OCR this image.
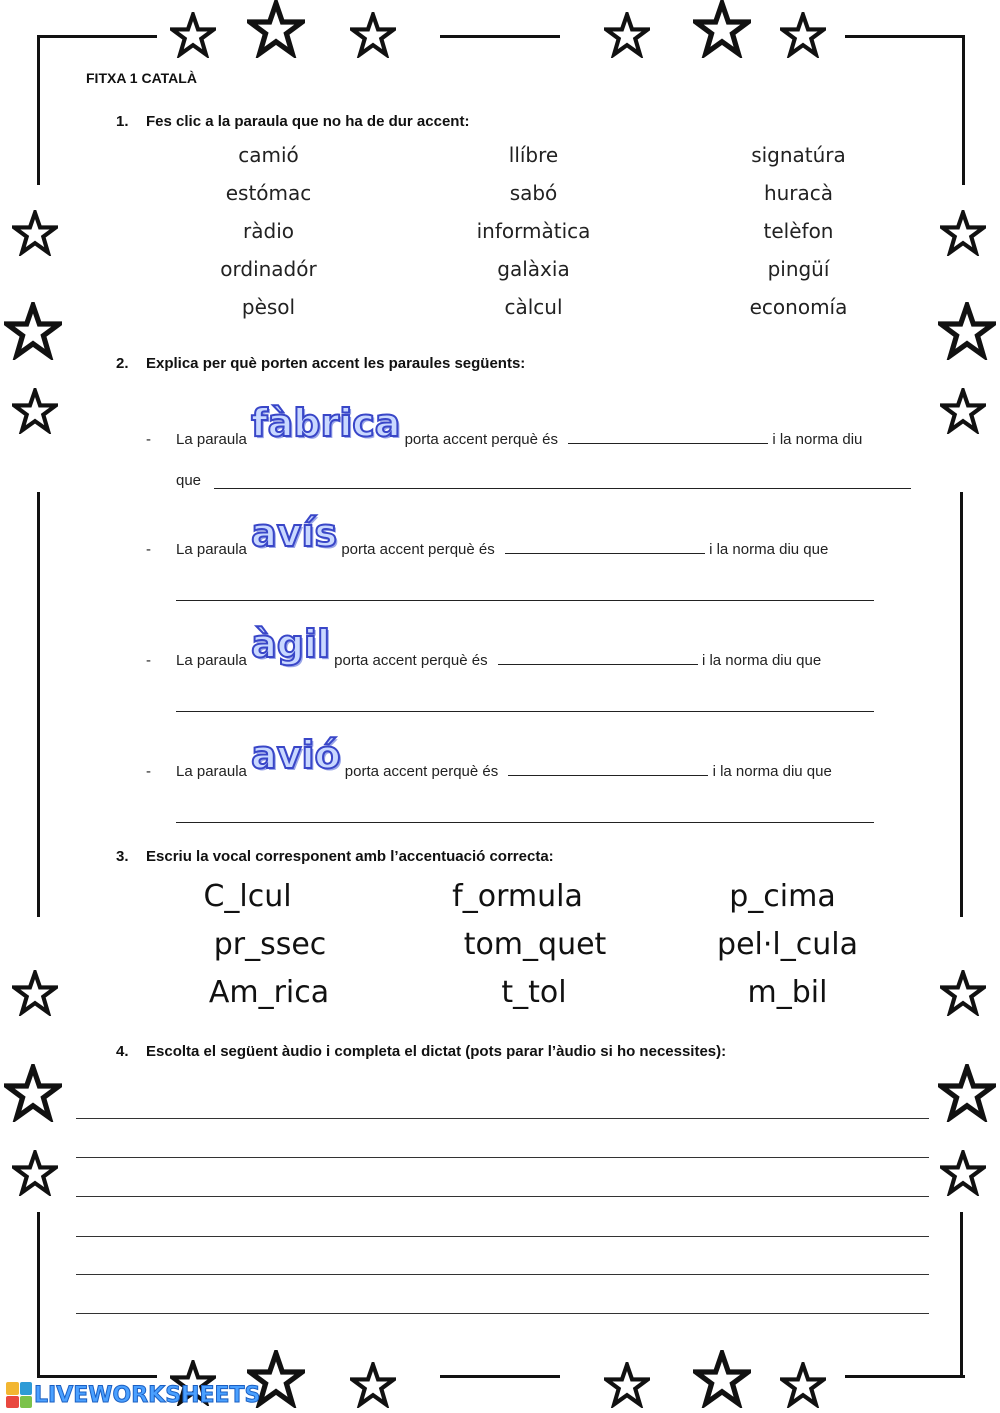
FITXA 1 CATALÀ
1. Fes clic a la paraula que no ha de dur accent:
camió	llíbre	signatúra
estómac	sabó	huracà
ràdio	informàtica	telèfon
ordinadór	galàxia	pingüí
pèsol	càlcul	economía
2. Explica per què porten accent les paraules següents:
- La paraula fàbrica porta accent perquè és	i la norma diu
que
- La paraula avís porta accent perquè és	i la norma diu que
- La paraula àgil porta accent perquè és	i la norma diu que
- La paraula avió porta accent perquè és	i la norma diu que
3. Escriu la vocal corresponent amb l’accentuació correcta:
C_lcul	f_ormula	p_cima
pr_ssec	tom_quet	pel·l_cula
Am_rica	t_tol	m_bil
4. Escolta el següent àudio i completa el dictat (pots parar l’àudio si ho necessites):
LIVEWORKSHEETS
